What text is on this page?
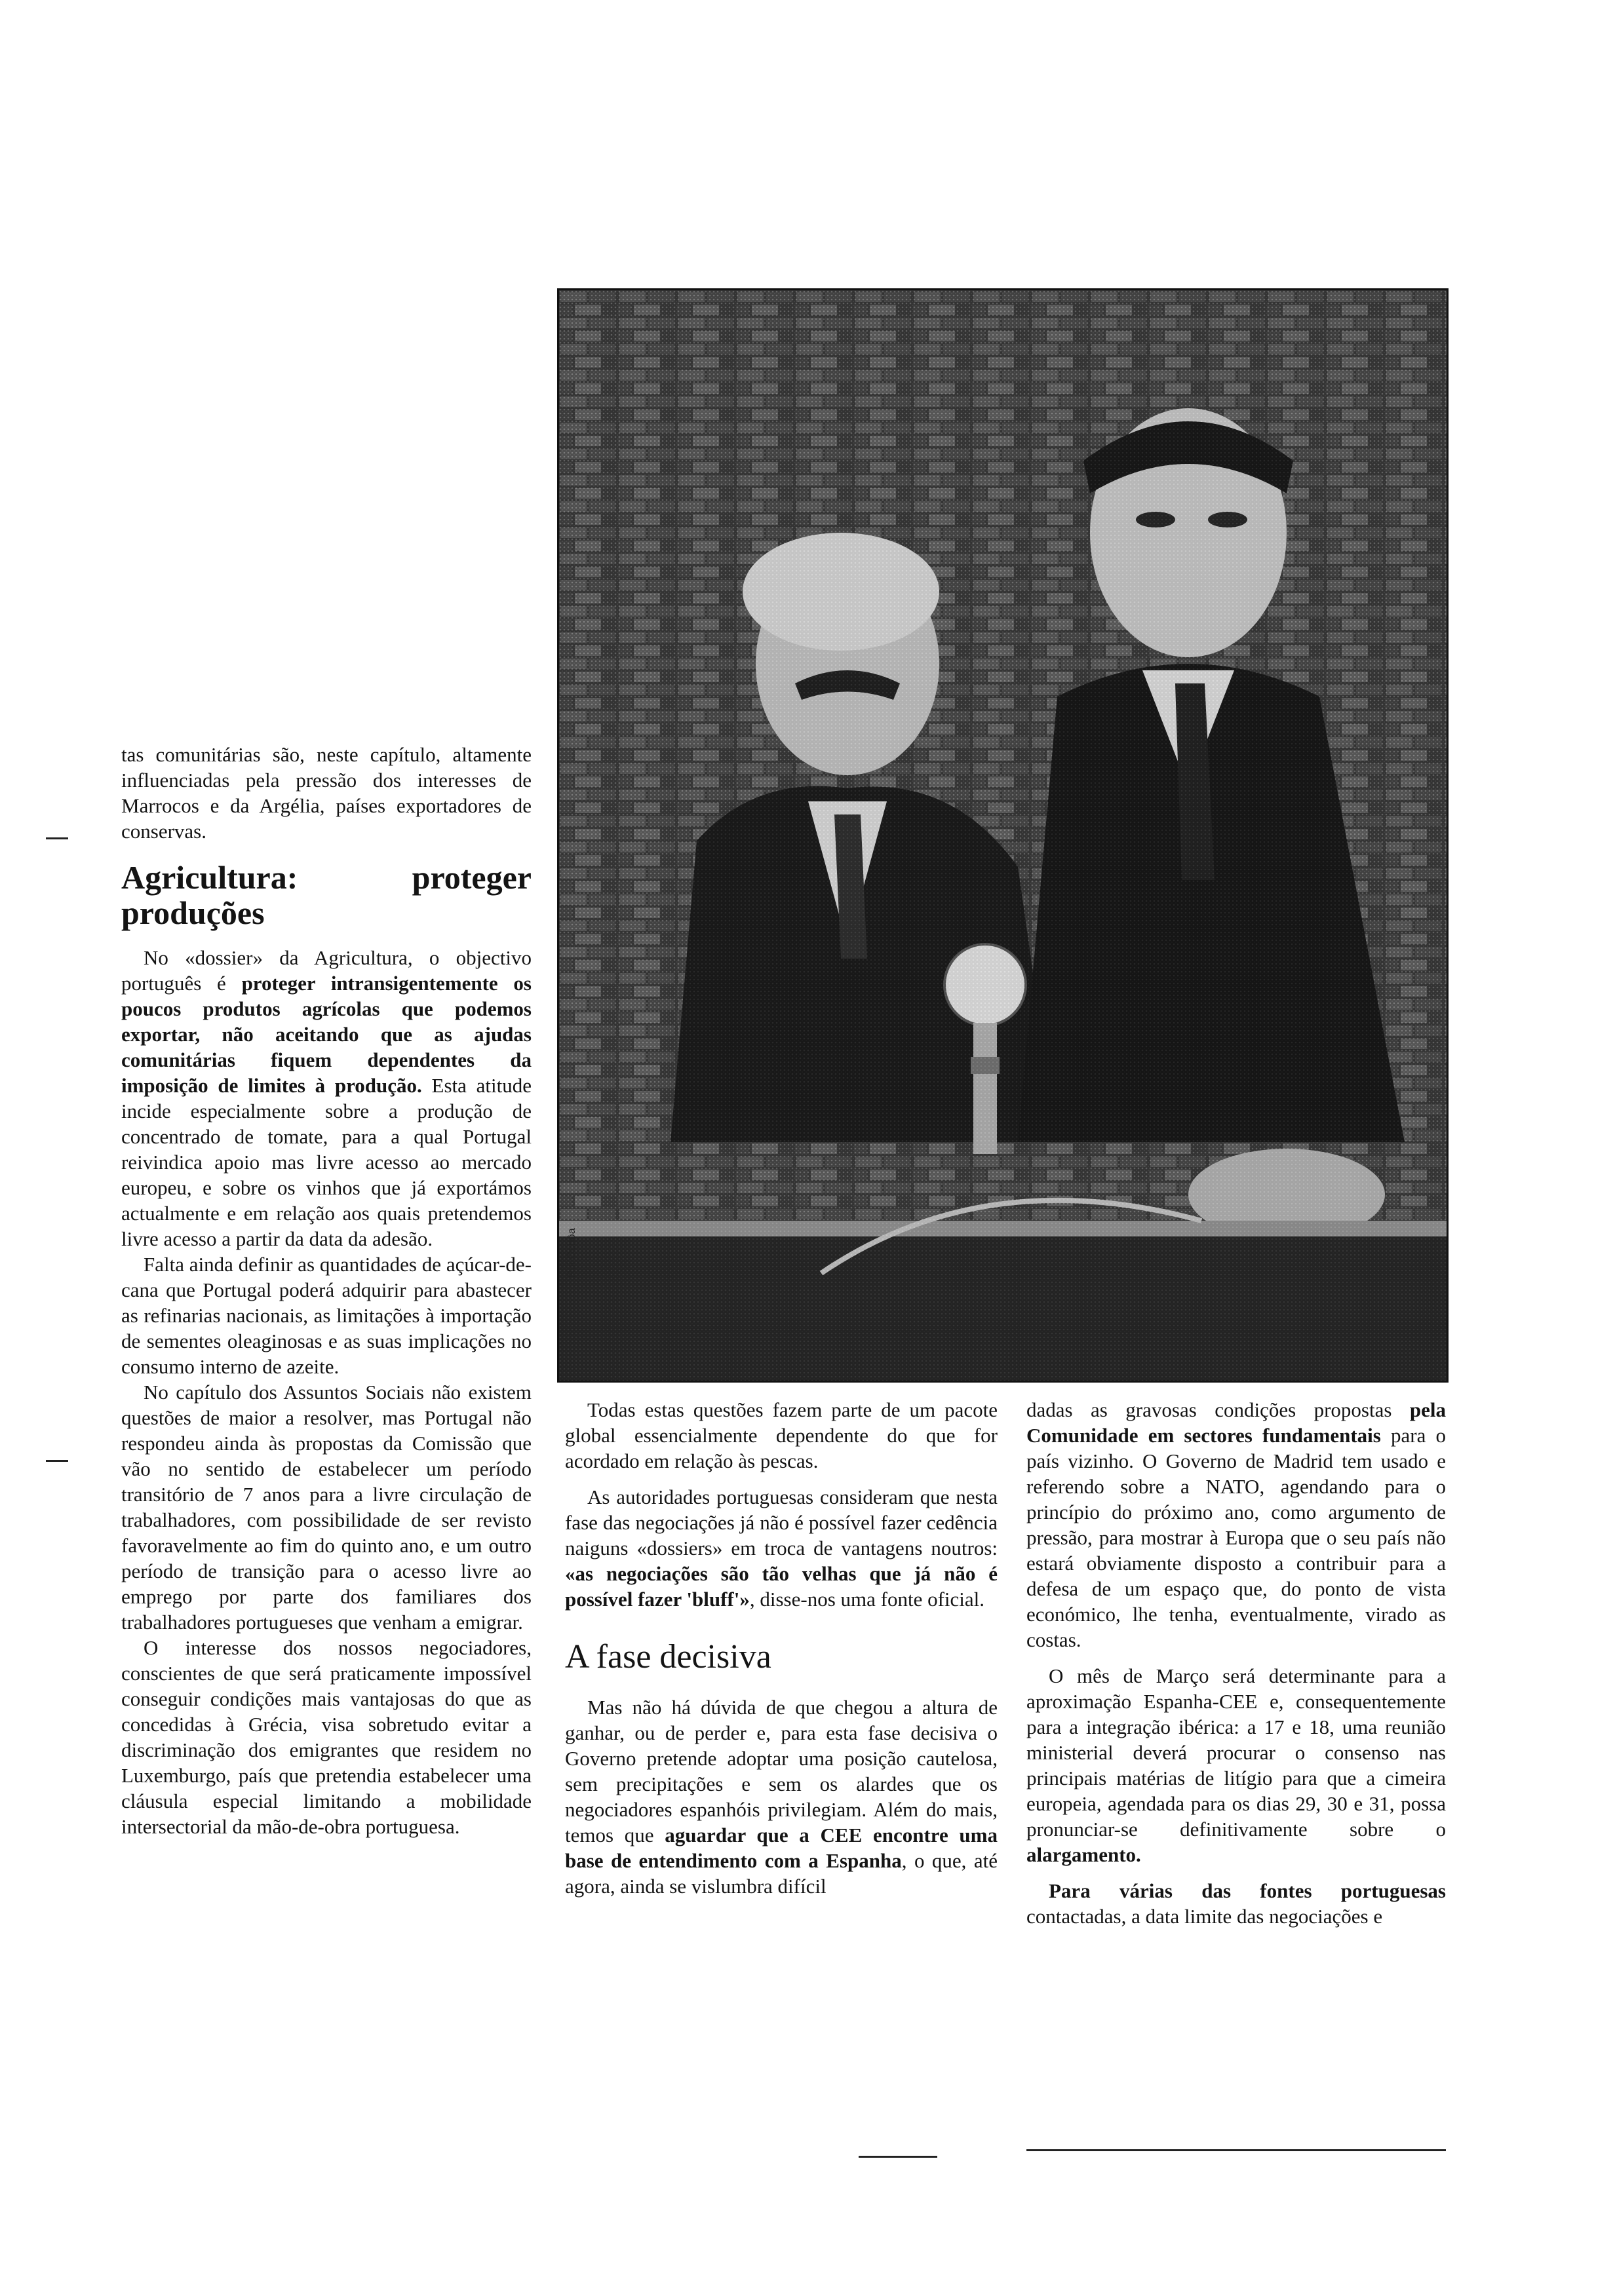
tas comunitárias são, neste capítulo, altamente influenciadas pela pressão dos interesses de Marrocos e da Argélia, países exportadores de conservas.

Agricultura: proteger produções

No «dossier» da Agricultura, o objectivo português é proteger intransigentemente os poucos produtos agrícolas que podemos exportar, não aceitando que as ajudas comunitárias fiquem dependentes da imposição de limites à produção. Esta atitude incide especialmente sobre a produção de concentrado de tomate, para a qual Portugal reivindica apoio mas livre acesso ao mercado europeu, e sobre os vinhos que já exportámos actualmente e em relação aos quais pretendemos livre acesso a partir da data da adesão.

Falta ainda definir as quantidades de açúcar-de-cana que Portugal poderá adquirir para abastecer as refinarias nacionais, as limitações à importação de sementes oleaginosas e as suas implicações no consumo interno de azeite.

No capítulo dos Assuntos Sociais não existem questões de maior a resolver, mas Portugal não respondeu ainda às propostas da Comissão que vão no sentido de estabelecer um período transitório de 7 anos para a livre circulação de trabalhadores, com possibilidade de ser revisto favoravelmente ao fim do quinto ano, e um outro período de transição para o acesso livre ao emprego por parte dos familiares dos trabalhadores portugueses que venham a emigrar.

O interesse dos nossos negociadores, conscientes de que será praticamente impossível conseguir condições mais vantajosas do que as concedidas à Grécia, visa sobretudo evitar a discriminação dos emigrantes que residem no Luxemburgo, país que pretendia estabelecer uma cláusula especial limitando a mobilidade intersectorial da mão-de-obra portuguesa.

Rui Ochôa

Todas estas questões fazem parte de um pacote global essencialmente dependente do que for acordado em relação às pescas.

As autoridades portuguesas consideram que nesta fase das negociações já não é possível fazer cedência naiguns «dossiers» em troca de vantagens noutros: «as negociações são tão velhas que já não é possível fazer 'bluff'», disse-nos uma fonte oficial.

A fase decisiva

Mas não há dúvida de que chegou a altura de ganhar, ou de perder e, para esta fase decisiva o Governo pretende adoptar uma posição cautelosa, sem precipitações e sem os alardes que os negociadores espanhóis privilegiam. Além do mais, temos que aguardar que a CEE encontre uma base de entendimento com a Espanha, o que, até agora, ainda se vislumbra difícil

dadas as gravosas condições propostas pela Comunidade em sectores fundamentais para o país vizinho. O Governo de Madrid tem usado e referendo sobre a NATO, agendando para o princípio do próximo ano, como argumento de pressão, para mostrar à Europa que o seu país não estará obviamente disposto a contribuir para a defesa de um espaço que, do ponto de vista económico, lhe tenha, eventualmente, virado as costas.

O mês de Março será determinante para a aproximação Espanha-CEE e, consequentemente para a integração ibérica: a 17 e 18, uma reunião ministerial deverá procurar o consenso nas principais matérias de litígio para que a cimeira europeia, agendada para os dias 29, 30 e 31, possa pronunciar-se definitivamente sobre o alargamento.

Para várias das fontes portuguesas contactadas, a data limite das negociações e
